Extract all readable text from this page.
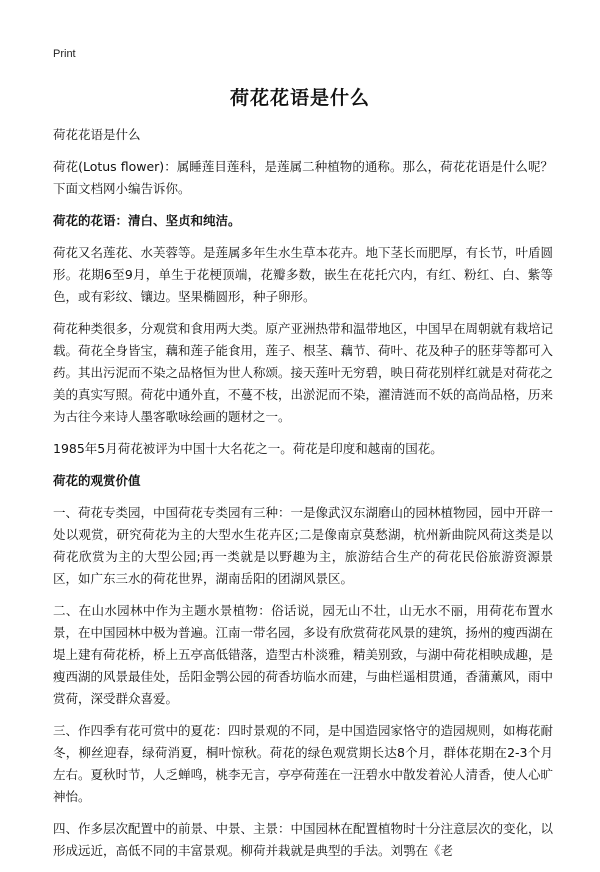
Print
荷花花语是什么
荷花花语是什么
荷花(Lotus flower)：属睡莲目莲科，是莲属二种植物的通称。那么，荷花花语是什么呢？下面文档网小编告诉你。
荷花的花语：清白、坚贞和纯洁。
荷花又名莲花、水芙蓉等。是莲属多年生水生草本花卉。地下茎长而肥厚，有长节，叶盾圆形。花期6至9月，单生于花梗顶端，花瓣多数，嵌生在花托穴内，有红、粉红、白、紫等色，或有彩纹、镶边。坚果椭圆形，种子卵形。
荷花种类很多，分观赏和食用两大类。原产亚洲热带和温带地区，中国早在周朝就有栽培记载。荷花全身皆宝，藕和莲子能食用，莲子、根茎、藕节、荷叶、花及种子的胚芽等都可入药。其出污泥而不染之品格恒为世人称颂。接天莲叶无穷碧，映日荷花别样红就是对荷花之美的真实写照。荷花中通外直，不蔓不枝，出淤泥而不染，濯清涟而不妖的高尚品格，历来为古往今来诗人墨客歌咏绘画的题材之一。
1985年5月荷花被评为中国十大名花之一。荷花是印度和越南的国花。
荷花的观赏价值
一、荷花专类园，中国荷花专类园有三种：一是像武汉东湖磨山的园林植物园，园中开辟一处以观赏，研究荷花为主的大型水生花卉区;二是像南京莫愁湖，杭州新曲院风荷这类是以荷花欣赏为主的大型公园;再一类就是以野趣为主，旅游结合生产的荷花民俗旅游资源景区，如广东三水的荷花世界，湖南岳阳的团湖风景区。
二、在山水园林中作为主题水景植物：俗话说，园无山不壮，山无水不丽，用荷花布置水景，在中国园林中极为普遍。江南一带名园，多设有欣赏荷花风景的建筑，扬州的瘦西湖在堤上建有荷花桥，桥上五亭高低错落，造型古朴淡雅，精美别致，与湖中荷花相映成趣，是瘦西湖的风景最佳处，岳阳金鹗公园的荷香坊临水而建，与曲栏遥相贯通，香蒲薰风，雨中赏荷，深受群众喜爱。
三、作四季有花可赏中的夏花：四时景观的不同，是中国造园家恪守的造园规则，如梅花耐冬，柳丝迎春，绿荷消夏，桐叶惊秋。荷花的绿色观赏期长达8个月，群体花期在2-3个月左右。夏秋时节，人乏蝉鸣，桃李无言，亭亭荷莲在一汪碧水中散发着沁人清香，使人心旷神怡。
四、作多层次配置中的前景、中景、主景：中国园林在配置植物时十分注意层次的变化，以形成远近，高低不同的丰富景观。柳荷并栽就是典型的手法。刘鹗在《老
